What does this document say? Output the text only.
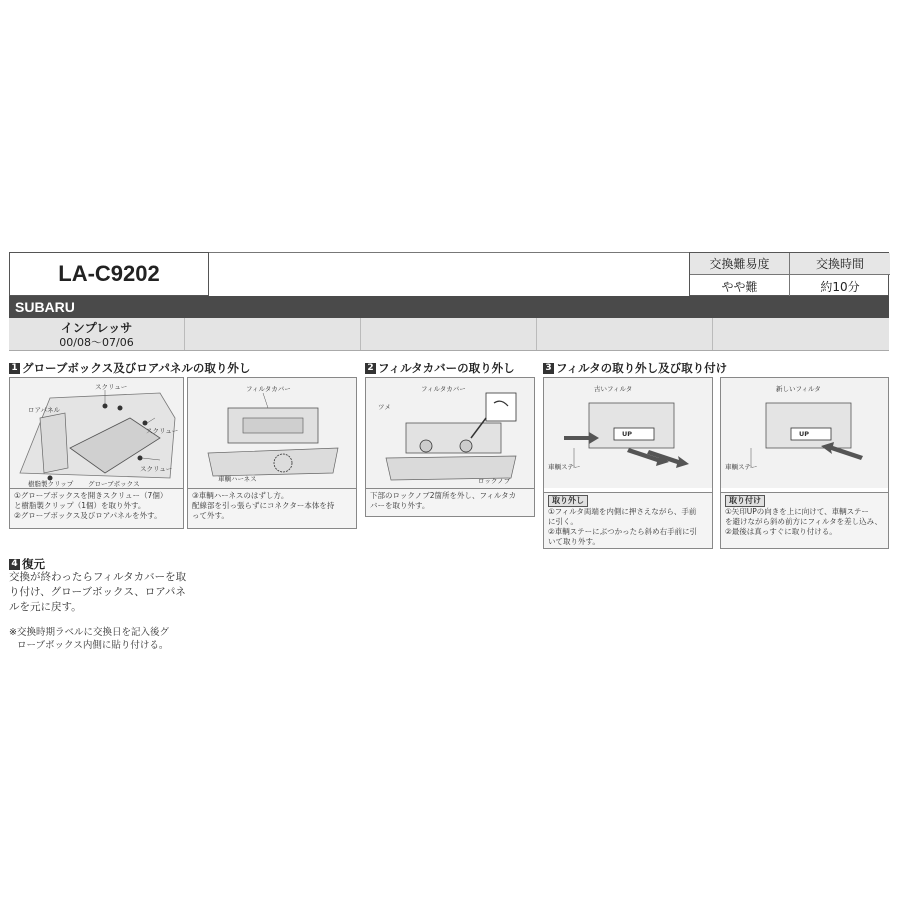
LA-C9202	交換難易度	交換時間
やや難	約10分
SUBARU
インプレッサ
00/08〜07/06
1 グローブボックス及びロアパネルの取り外し
スクリュー
ロアパネル
スクリュー
スクリュー
樹脂製クリップ グローブボックス
①グローブボックスを開きスクリュー（7個）
と樹脂製クリップ（1個）を取り外す。
②グローブボックス及びロアパネルを外す。
フィルタカバー
車輌ハーネス
③車輌ハーネスのはずし方。
配線部を引っ張らずにコネクター本体を持
って外す。
2 フィルタカバーの取り外し
フィルタカバー
ツメ
ロックノブ
下部のロックノブ2箇所を外し、フィルタカ
バーを取り外す。
3 フィルタの取り外し及び取り付け
古いフィルタ
UP
車輌ステー
取り外し
①フィルタ両端を内側に押さえながら、手前
に引く。
②車輌ステーにぶつかったら斜め右手前に引
いて取り外す。
新しいフィルタ
UP
車輌ステー
取り付け
①矢印UPの向きを上に向けて、車輌ステー
を避けながら斜め前方にフィルタを差し込み、
②最後は真っすぐに取り付ける。
4 復元
交換が終わったらフィルタカバーを取
り付け、グローブボックス、ロアパネ
ルを元に戻す。
※交換時期ラベルに交換日を記入後グ
ローブボックス内側に貼り付ける。
